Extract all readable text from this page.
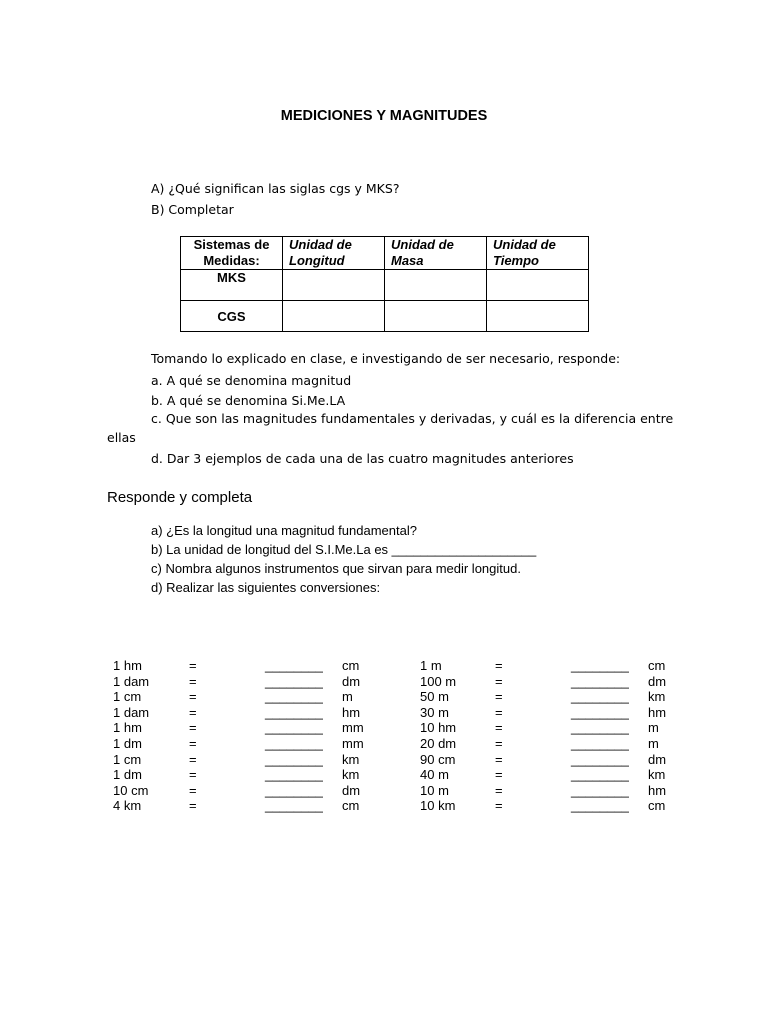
MEDICIONES Y MAGNITUDES
A) ¿Qué significan las siglas cgs y MKS?
B) Completar
Sistemas de Medidas:	Unidad de Longitud	Unidad de Masa	Unidad de Tiempo
MKS			
CGS			
Tomando lo explicado en clase, e investigando de ser necesario, responde:
a. A qué se denomina magnitud
b. A qué se denomina Si.Me.LA
c. Que son las magnitudes fundamentales y derivadas, y cuál es la diferencia entre
ellas
d. Dar 3 ejemplos de cada una de las cuatro magnitudes anteriores
Responde y completa
a) ¿Es la longitud una magnitud fundamental?
b) La unidad de longitud del S.I.Me.La es ____________________
c) Nombra algunos instrumentos que sirvan para medir longitud.
d) Realizar las siguientes conversiones:
1 hm	=	________ cm
1 dam	=	________ dm
1 cm	=	________ m
1 dam	=	________ hm
1 hm	=	________ mm
1 dm	=	________ mm
1 cm	=	________ km
1 dm	=	________ km
10 cm	=	________ dm
4 km	=	________ cm
1 m	=	________ cm
100 m	=	________ dm
50 m	=	________ km
30 m	=	________ hm
10 hm	=	________ m
20 dm	=	________ m
90 cm	=	________ dm
40 m	=	________ km
10 m	=	________ hm
10 km	=	________ cm
